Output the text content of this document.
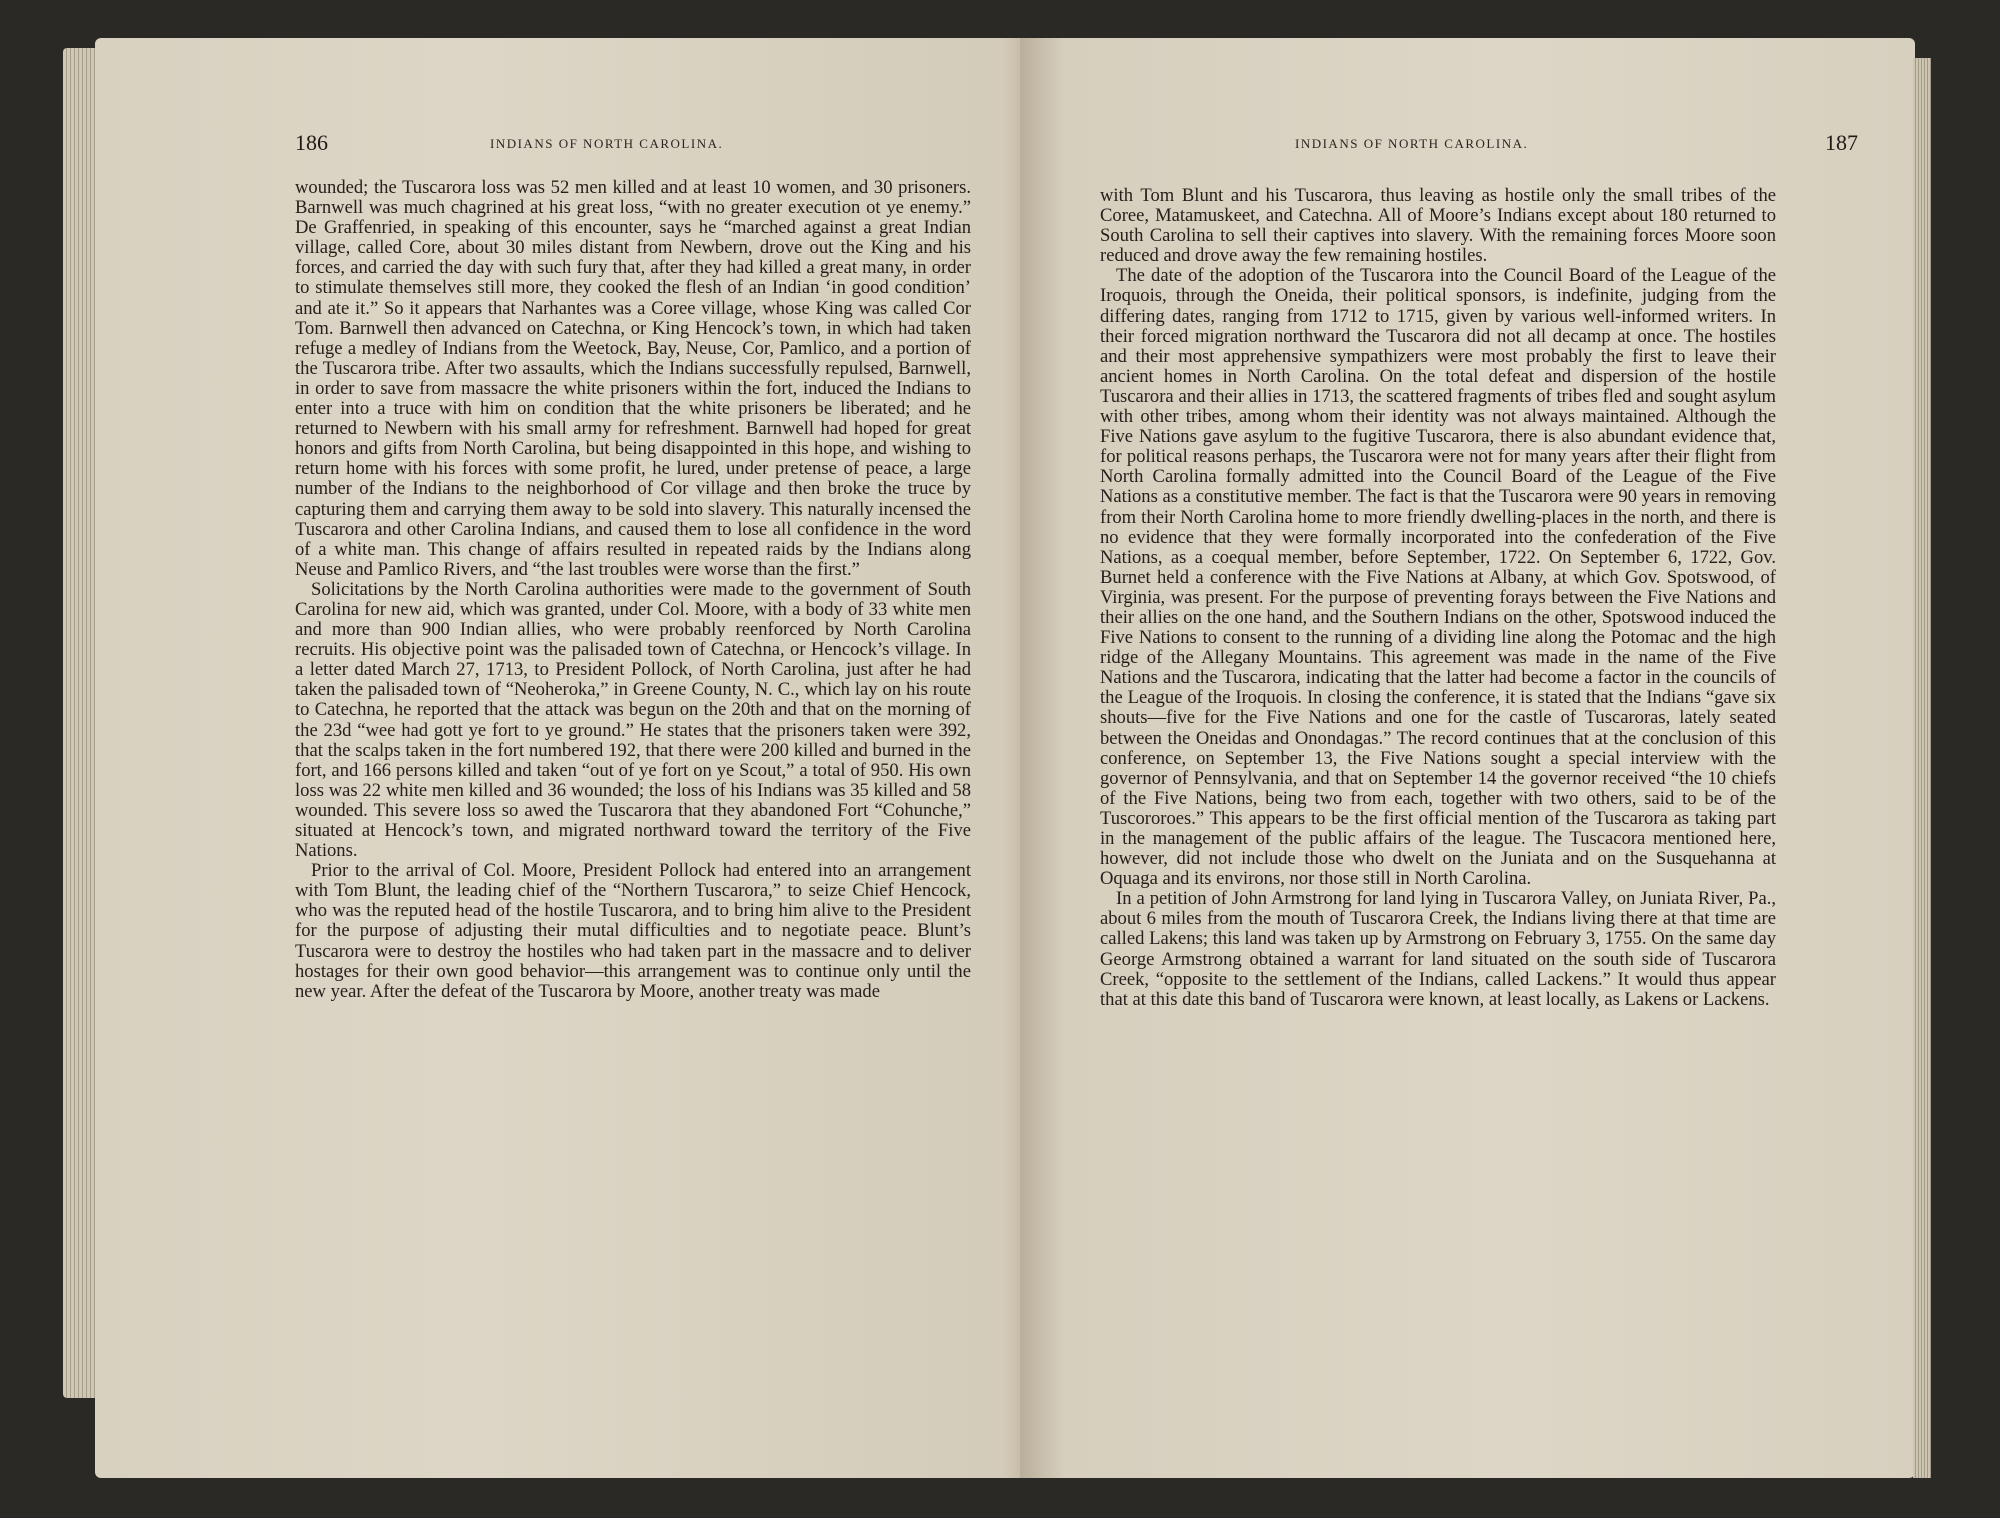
186	INDIANS OF NORTH CAROLINA.

wounded; the Tuscarora loss was 52 men killed and at least 10 women, and 30 prisoners. Barnwell was much chagrined at his great loss, “with no greater execution ot ye enemy.” De Graffenried, in speaking of this encounter, says he “marched against a great Indian village, called Core, about 30 miles distant from Newbern, drove out the King and his forces, and carried the day with such fury that, after they had killed a great many, in order to stimulate themselves still more, they cooked the flesh of an Indian ‘in good condition’ and ate it.” So it appears that Narhantes was a Coree village, whose King was called Cor Tom. Barnwell then advanced on Catechna, or King Hencock’s town, in which had taken refuge a medley of Indians from the Weetock, Bay, Neuse, Cor, Pamlico, and a portion of the Tuscarora tribe. After two assaults, which the Indians successfully repulsed, Barnwell, in order to save from massacre the white prisoners within the fort, induced the Indians to enter into a truce with him on condition that the white prisoners be liberated; and he returned to Newbern with his small army for refreshment. Barnwell had hoped for great honors and gifts from North Carolina, but being disappointed in this hope, and wishing to return home with his forces with some profit, he lured, under pretense of peace, a large number of the Indians to the neighborhood of Cor village and then broke the truce by capturing them and carrying them away to be sold into slavery. This naturally incensed the Tuscarora and other Carolina Indians, and caused them to lose all confidence in the word of a white man. This change of affairs resulted in repeated raids by the Indians along Neuse and Pamlico Rivers, and “the last troubles were worse than the first.”

Solicitations by the North Carolina authorities were made to the government of South Carolina for new aid, which was granted, under Col. Moore, with a body of 33 white men and more than 900 Indian allies, who were probably reenforced by North Carolina recruits. His objective point was the palisaded town of Catechna, or Hencock’s village. In a letter dated March 27, 1713, to President Pollock, of North Carolina, just after he had taken the palisaded town of “Neoheroka,” in Greene County, N. C., which lay on his route to Catechna, he reported that the attack was begun on the 20th and that on the morning of the 23d “wee had gott ye fort to ye ground.” He states that the prisoners taken were 392, that the scalps taken in the fort numbered 192, that there were 200 killed and burned in the fort, and 166 persons killed and taken “out of ye fort on ye Scout,” a total of 950. His own loss was 22 white men killed and 36 wounded; the loss of his Indians was 35 killed and 58 wounded. This severe loss so awed the Tuscarora that they abandoned Fort “Cohunche,” situated at Hencock’s town, and migrated northward toward the territory of the Five Nations.

Prior to the arrival of Col. Moore, President Pollock had entered into an arrangement with Tom Blunt, the leading chief of the “Northern Tuscarora,” to seize Chief Hencock, who was the reputed head of the hostile Tuscarora, and to bring him alive to the President for the purpose of adjusting their mutal difficulties and to negotiate peace. Blunt’s Tuscarora were to destroy the hostiles who had taken part in the massacre and to deliver hostages for their own good behavior—this arrangement was to continue only until the new year. After the defeat of the Tuscarora by Moore, another treaty was made

INDIANS OF NORTH CAROLINA.	187

with Tom Blunt and his Tuscarora, thus leaving as hostile only the small tribes of the Coree, Matamuskeet, and Catechna. All of Moore’s Indians except about 180 returned to South Carolina to sell their captives into slavery. With the remaining forces Moore soon reduced and drove away the few remaining hostiles.

The date of the adoption of the Tuscarora into the Council Board of the League of the Iroquois, through the Oneida, their political sponsors, is indefinite, judging from the differing dates, ranging from 1712 to 1715, given by various well-informed writers. In their forced migration northward the Tuscarora did not all decamp at once. The hostiles and their most apprehensive sympathizers were most probably the first to leave their ancient homes in North Carolina. On the total defeat and dispersion of the hostile Tuscarora and their allies in 1713, the scattered fragments of tribes fled and sought asylum with other tribes, among whom their identity was not always maintained. Although the Five Nations gave asylum to the fugitive Tuscarora, there is also abundant evidence that, for political reasons perhaps, the Tuscarora were not for many years after their flight from North Carolina formally admitted into the Council Board of the League of the Five Nations as a constitutive member. The fact is that the Tuscarora were 90 years in removing from their North Carolina home to more friendly dwelling-places in the north, and there is no evidence that they were formally incorporated into the confederation of the Five Nations, as a coequal member, before September, 1722. On September 6, 1722, Gov. Burnet held a conference with the Five Nations at Albany, at which Gov. Spotswood, of Virginia, was present. For the purpose of preventing forays between the Five Nations and their allies on the one hand, and the Southern Indians on the other, Spotswood induced the Five Nations to consent to the running of a dividing line along the Potomac and the high ridge of the Allegany Mountains. This agreement was made in the name of the Five Nations and the Tuscarora, indicating that the latter had become a factor in the councils of the League of the Iroquois. In closing the conference, it is stated that the Indians “gave six shouts—five for the Five Nations and one for the castle of Tuscaroras, lately seated between the Oneidas and Onondagas.” The record continues that at the conclusion of this conference, on September 13, the Five Nations sought a special interview with the governor of Pennsylvania, and that on September 14 the governor received “the 10 chiefs of the Five Nations, being two from each, together with two others, said to be of the Tuscororoes.” This appears to be the first official mention of the Tuscarora as taking part in the management of the public affairs of the league. The Tuscacora mentioned here, however, did not include those who dwelt on the Juniata and on the Susquehanna at Oquaga and its environs, nor those still in North Carolina.

In a petition of John Armstrong for land lying in Tuscarora Valley, on Juniata River, Pa., about 6 miles from the mouth of Tuscarora Creek, the Indians living there at that time are called Lakens; this land was taken up by Armstrong on February 3, 1755. On the same day George Armstrong obtained a warrant for land situated on the south side of Tuscarora Creek, “opposite to the settlement of the Indians, called Lackens.” It would thus appear that at this date this band of Tuscarora were known, at least locally, as Lakens or Lackens.
